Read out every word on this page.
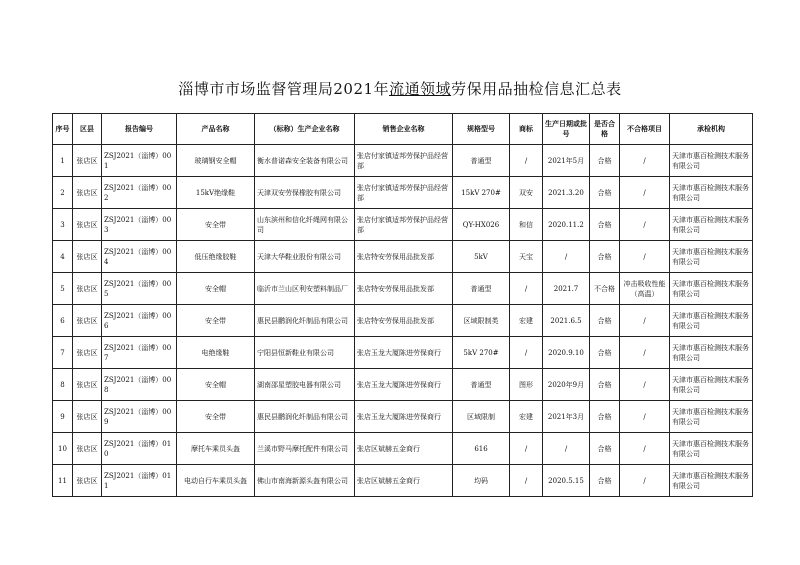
淄博市市场监督管理局2021年流通领域劳保用品抽检信息汇总表
序号	区县	报告编号	产品名称	（标称）生产企业名称	销售企业名称	规格型号	商标	生产日期或批号	是否合格	不合格项目	承检机构
1	张店区	ZSJ2021（淄博）001	玻璃钢安全帽	衡水普诺森安全装备有限公司	张店付家镇适邦劳保护品经营部	普通型	/	2021年5月	合格	/	天津市惠百检测技术服务有限公司
2	张店区	ZSJ2021（淄博）002	15kV绝缘鞋	天津双安劳保橡胶有限公司	张店付家镇适邦劳保护品经营部	15kV 270#	双安	2021.3.20	合格	/	天津市惠百检测技术服务有限公司
3	张店区	ZSJ2021（淄博）003	安全带	山东滨州和信化纤绳网有限公司	张店付家镇适邦劳保护品经营部	QY-HX026	和信	2020.11.2	合格	/	天津市惠百检测技术服务有限公司
4	张店区	ZSJ2021（淄博）004	低压绝缘胶鞋	天津大华鞋业股份有限公司	张店特安劳保用品批发部	5kV	天宝	/	合格	/	天津市惠百检测技术服务有限公司
5	张店区	ZSJ2021（淄博）005	安全帽	临沂市兰山区利安塑料制品厂	张店特安劳保用品批发部	普通型	/	2021.7	不合格	冲击吸收性能（高温）	天津市惠百检测技术服务有限公司
6	张店区	ZSJ2021（淄博）006	安全带	惠民县鹏润化纤制品有限公司	张店特安劳保用品批发部	区域限制类	宏建	2021.6.5	合格	/	天津市惠百检测技术服务有限公司
7	张店区	ZSJ2021（淄博）007	电绝缘鞋	宁阳县恒新鞋业有限公司	张店玉龙大厦陈进劳保商行	5kV 270#	/	2020.9.10	合格	/	天津市惠百检测技术服务有限公司
8	张店区	ZSJ2021（淄博）008	安全帽	湖南邵星塑胶电器有限公司	张店玉龙大厦陈进劳保商行	普通型	图形	2020年9月	合格	/	天津市惠百检测技术服务有限公司
9	张店区	ZSJ2021（淄博）009	安全带	惠民县鹏润化纤制品有限公司	张店玉龙大厦陈进劳保商行	区域限制	宏建	2021年3月	合格	/	天津市惠百检测技术服务有限公司
10	张店区	ZSJ2021（淄博）010	摩托车乘员头盔	兰溪市野马摩托配件有限公司	张店区斌赫五金商行	616	/	/	合格	/	天津市惠百检测技术服务有限公司
11	张店区	ZSJ2021（淄博）011	电动自行车乘员头盔	佛山市南海新源头盔有限公司	张店区斌赫五金商行	均码	/	2020.5.15	合格	/	天津市惠百检测技术服务有限公司
